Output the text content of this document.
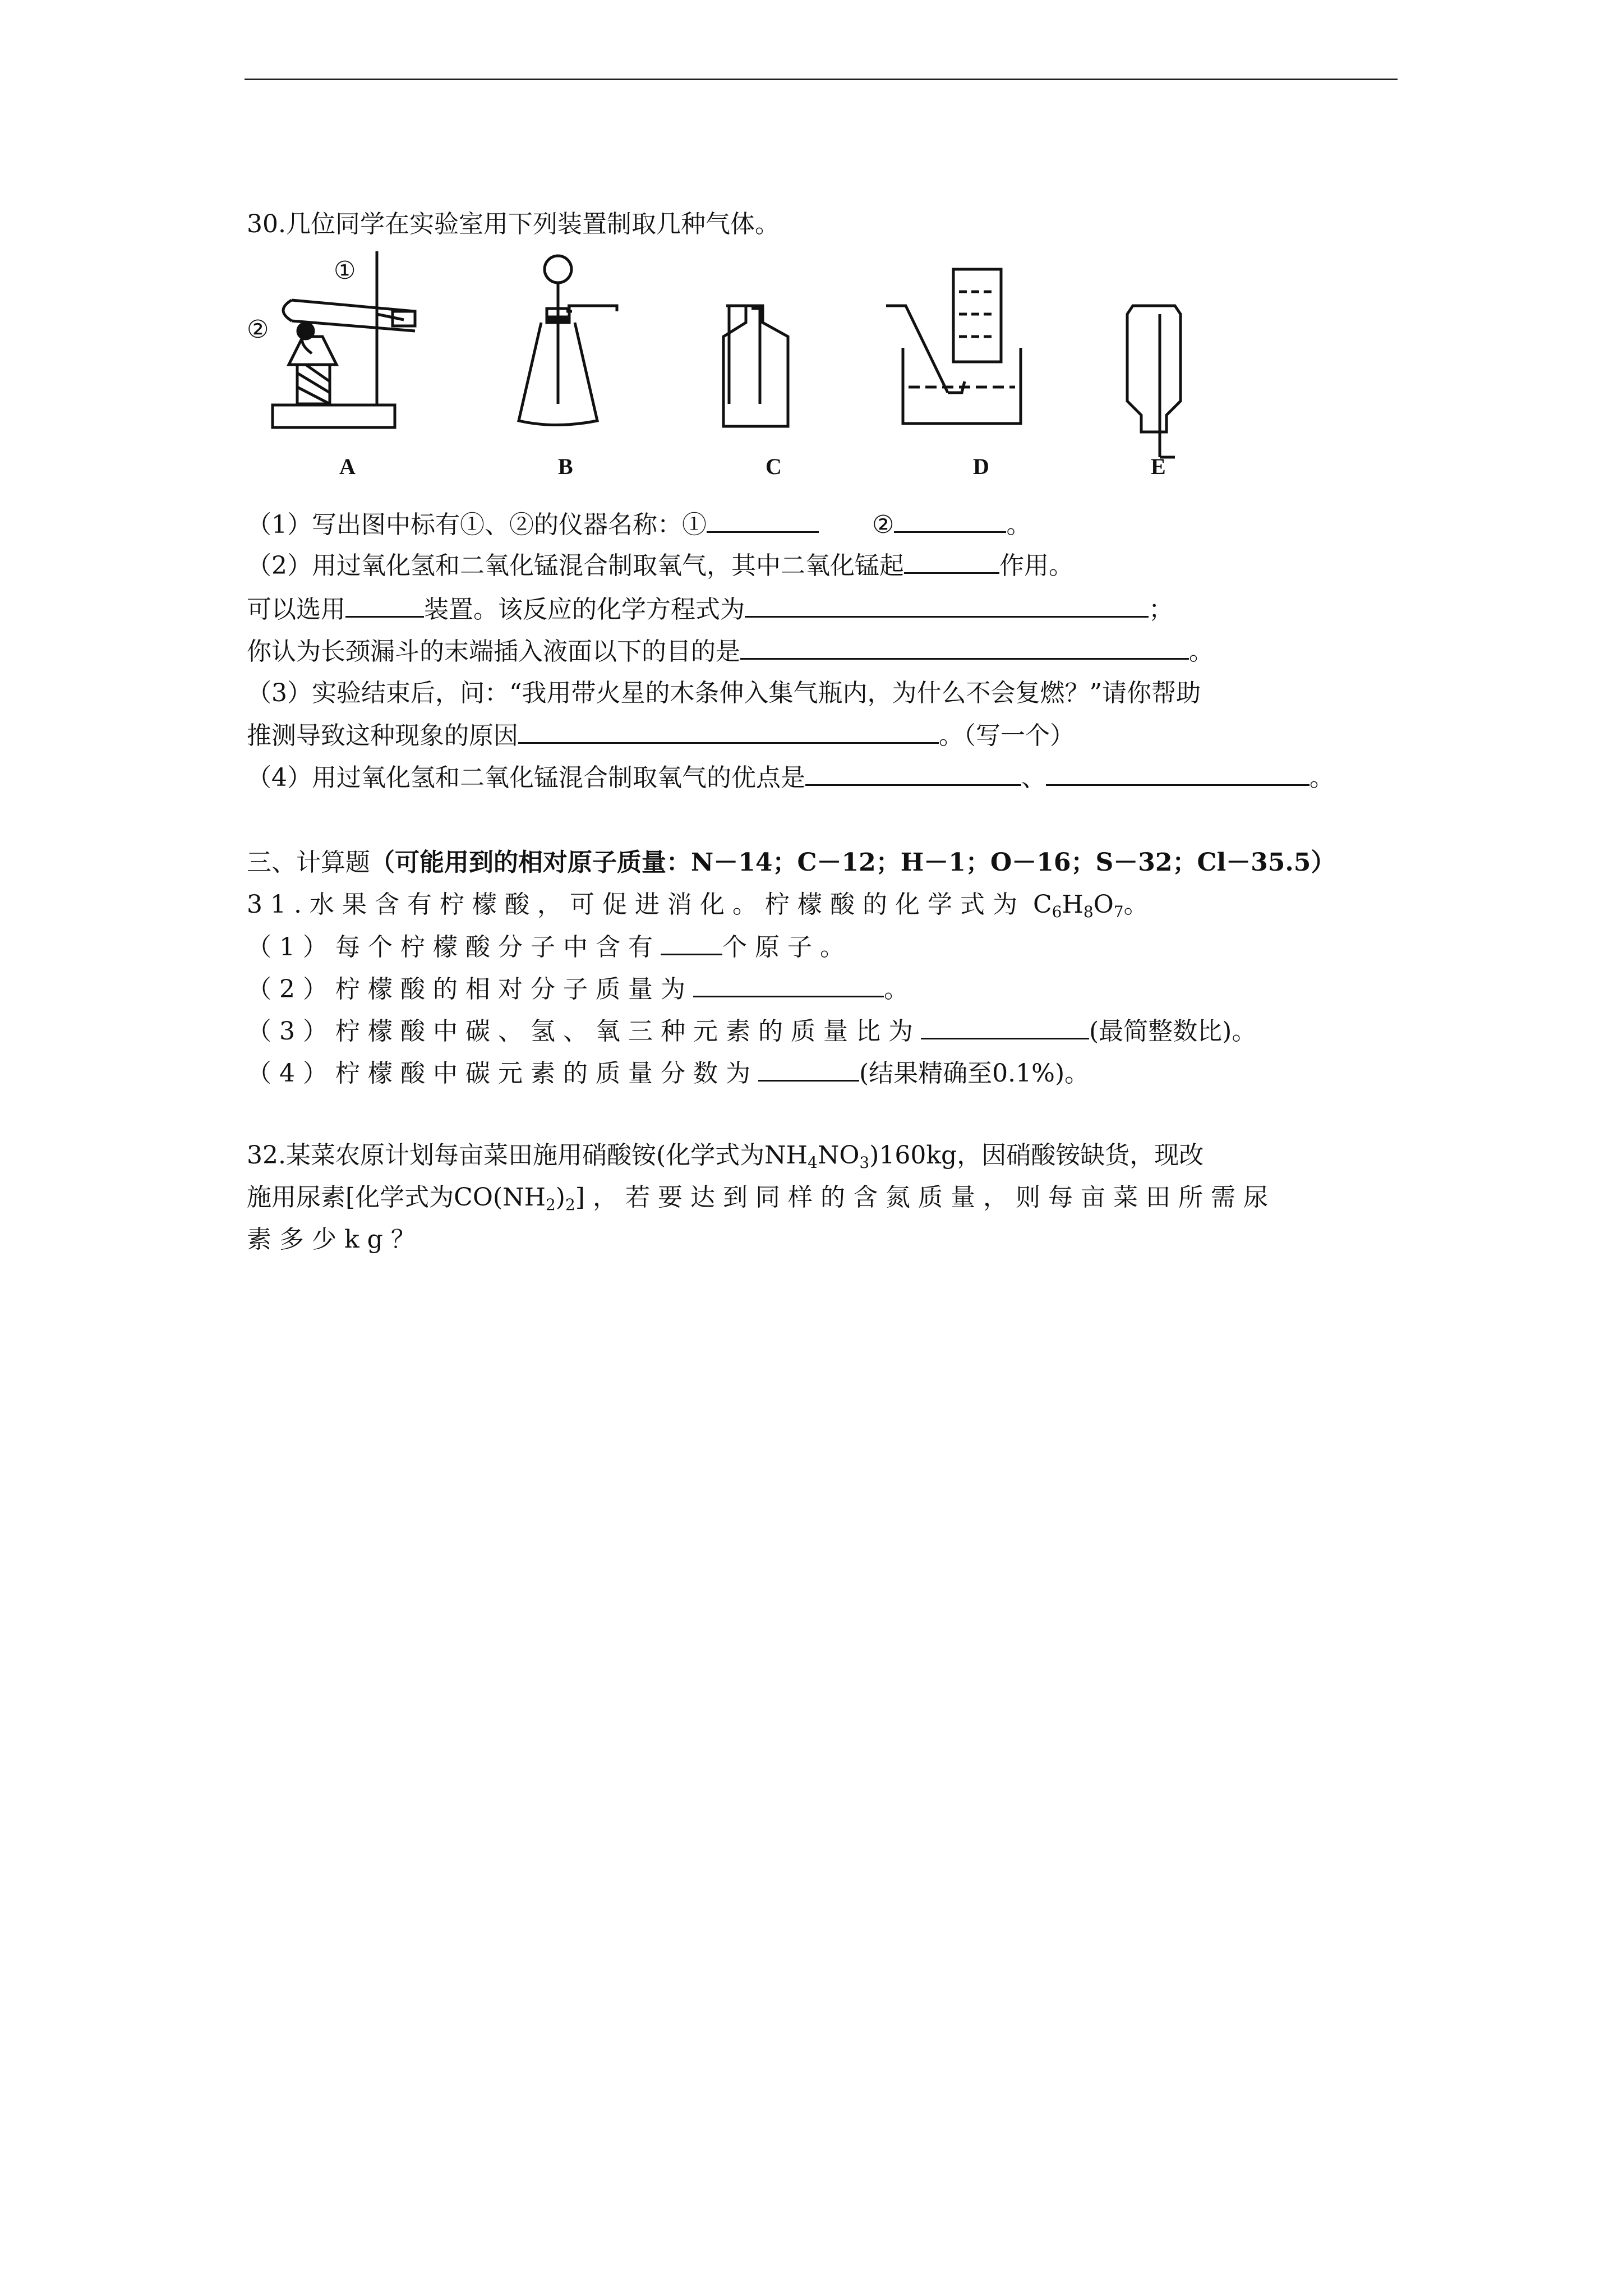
30.几位同学在实验室用下列装置制取几种气体。
①
②
A	B	C	D	E
（1）写出图中标有①、②的仪器名称：①	②	。
（2）用过氧化氢和二氧化锰混合制取氧气，其中二氧化锰起	作用。
可以选用	装置。该反应的化学方程式为	；
你认为长颈漏斗的末端插入液面以下的目的是	。
（3）实验结束后，问：“我用带火星的木条伸入集气瓶内，为什么不会复燃？”请你帮助
推测导致这种现象的原因	。（写一个）
（4）用过氧化氢和二氧化锰混合制取氧气的优点是	、	。
三、计算题（可能用到的相对原子质量：N－14；C－12；H－1；O－16；S－32；Cl－35.5）
31.水果含有柠檬酸，可促进消化。柠檬酸的化学式为 $C_6H_8O_7$。
（1）每个柠檬酸分子中含有	个原子。
（2）柠檬酸的相对分子质量为	。
（3）柠檬酸中碳、氢、氧三种元素的质量比为	(最简整数比)。
（4）柠檬酸中碳元素的质量分数为	(结果精确至0.1%)。
32.某菜农原计划每亩菜田施用硝酸铵(化学式为$NH_4NO_3)160kg$，因硝酸铵缺货，现改
施用尿素[化学式为$CO(NH_2)_2$]，若要达到同样的含氮质量，则每亩菜田所需尿
素多少kg？
